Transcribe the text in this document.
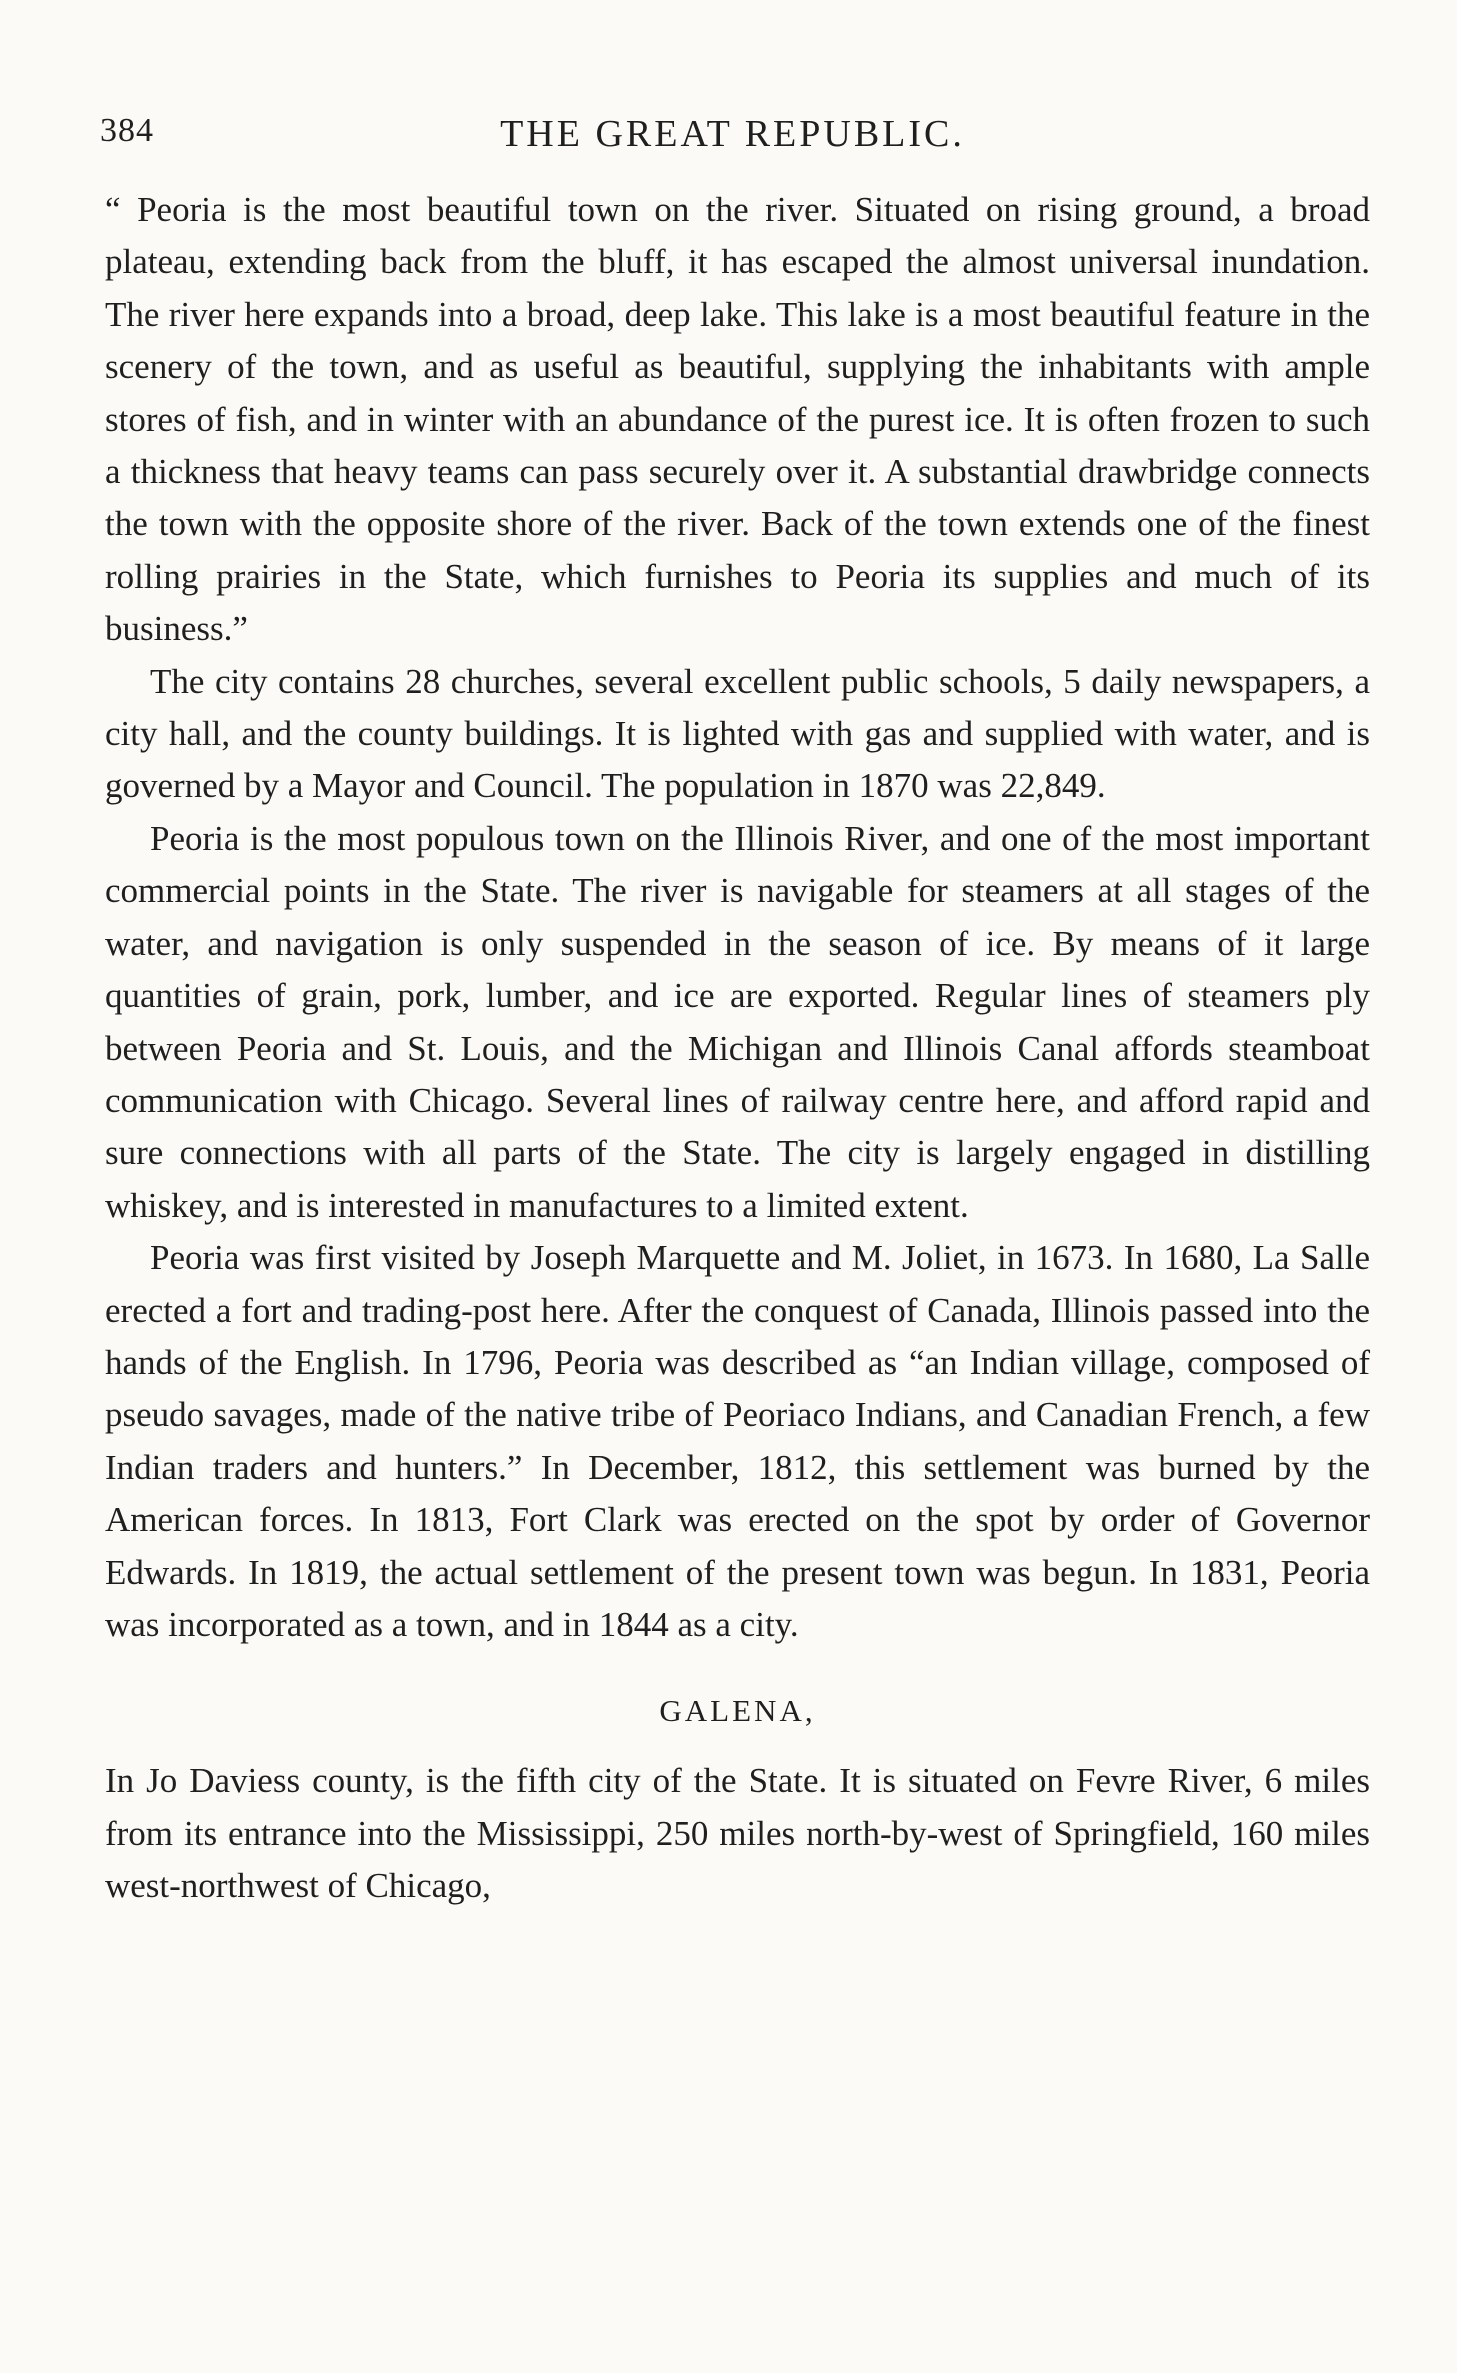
384	THE GREAT REPUBLIC.

“ Peoria is the most beautiful town on the river. Situated on rising ground, a broad plateau, extending back from the bluff, it has escaped the almost universal inundation. The river here expands into a broad, deep lake. This lake is a most beautiful feature in the scenery of the town, and as useful as beautiful, supplying the inhabitants with ample stores of fish, and in winter with an abundance of the purest ice. It is often frozen to such a thickness that heavy teams can pass securely over it. A substantial drawbridge connects the town with the opposite shore of the river. Back of the town extends one of the finest rolling prairies in the State, which furnishes to Peoria its supplies and much of its business.”

The city contains 28 churches, several excellent public schools, 5 daily newspapers, a city hall, and the county buildings. It is lighted with gas and supplied with water, and is governed by a Mayor and Council. The population in 1870 was 22,849.

Peoria is the most populous town on the Illinois River, and one of the most important commercial points in the State. The river is navigable for steamers at all stages of the water, and navigation is only suspended in the season of ice. By means of it large quantities of grain, pork, lumber, and ice are exported. Regular lines of steamers ply between Peoria and St. Louis, and the Michigan and Illinois Canal affords steamboat communication with Chicago. Several lines of railway centre here, and afford rapid and sure connections with all parts of the State. The city is largely engaged in distilling whiskey, and is interested in manufactures to a limited extent.

Peoria was first visited by Joseph Marquette and M. Joliet, in 1673. In 1680, La Salle erected a fort and trading-post here. After the conquest of Canada, Illinois passed into the hands of the English. In 1796, Peoria was described as “an Indian village, composed of pseudo savages, made of the native tribe of Peoriaco Indians, and Canadian French, a few Indian traders and hunters.” In December, 1812, this settlement was burned by the American forces. In 1813, Fort Clark was erected on the spot by order of Governor Edwards. In 1819, the actual settlement of the present town was begun. In 1831, Peoria was incorporated as a town, and in 1844 as a city.

GALENA,

In Jo Daviess county, is the fifth city of the State. It is situated on Fevre River, 6 miles from its entrance into the Mississippi, 250 miles north-by-west of Springfield, 160 miles west-northwest of Chicago,
